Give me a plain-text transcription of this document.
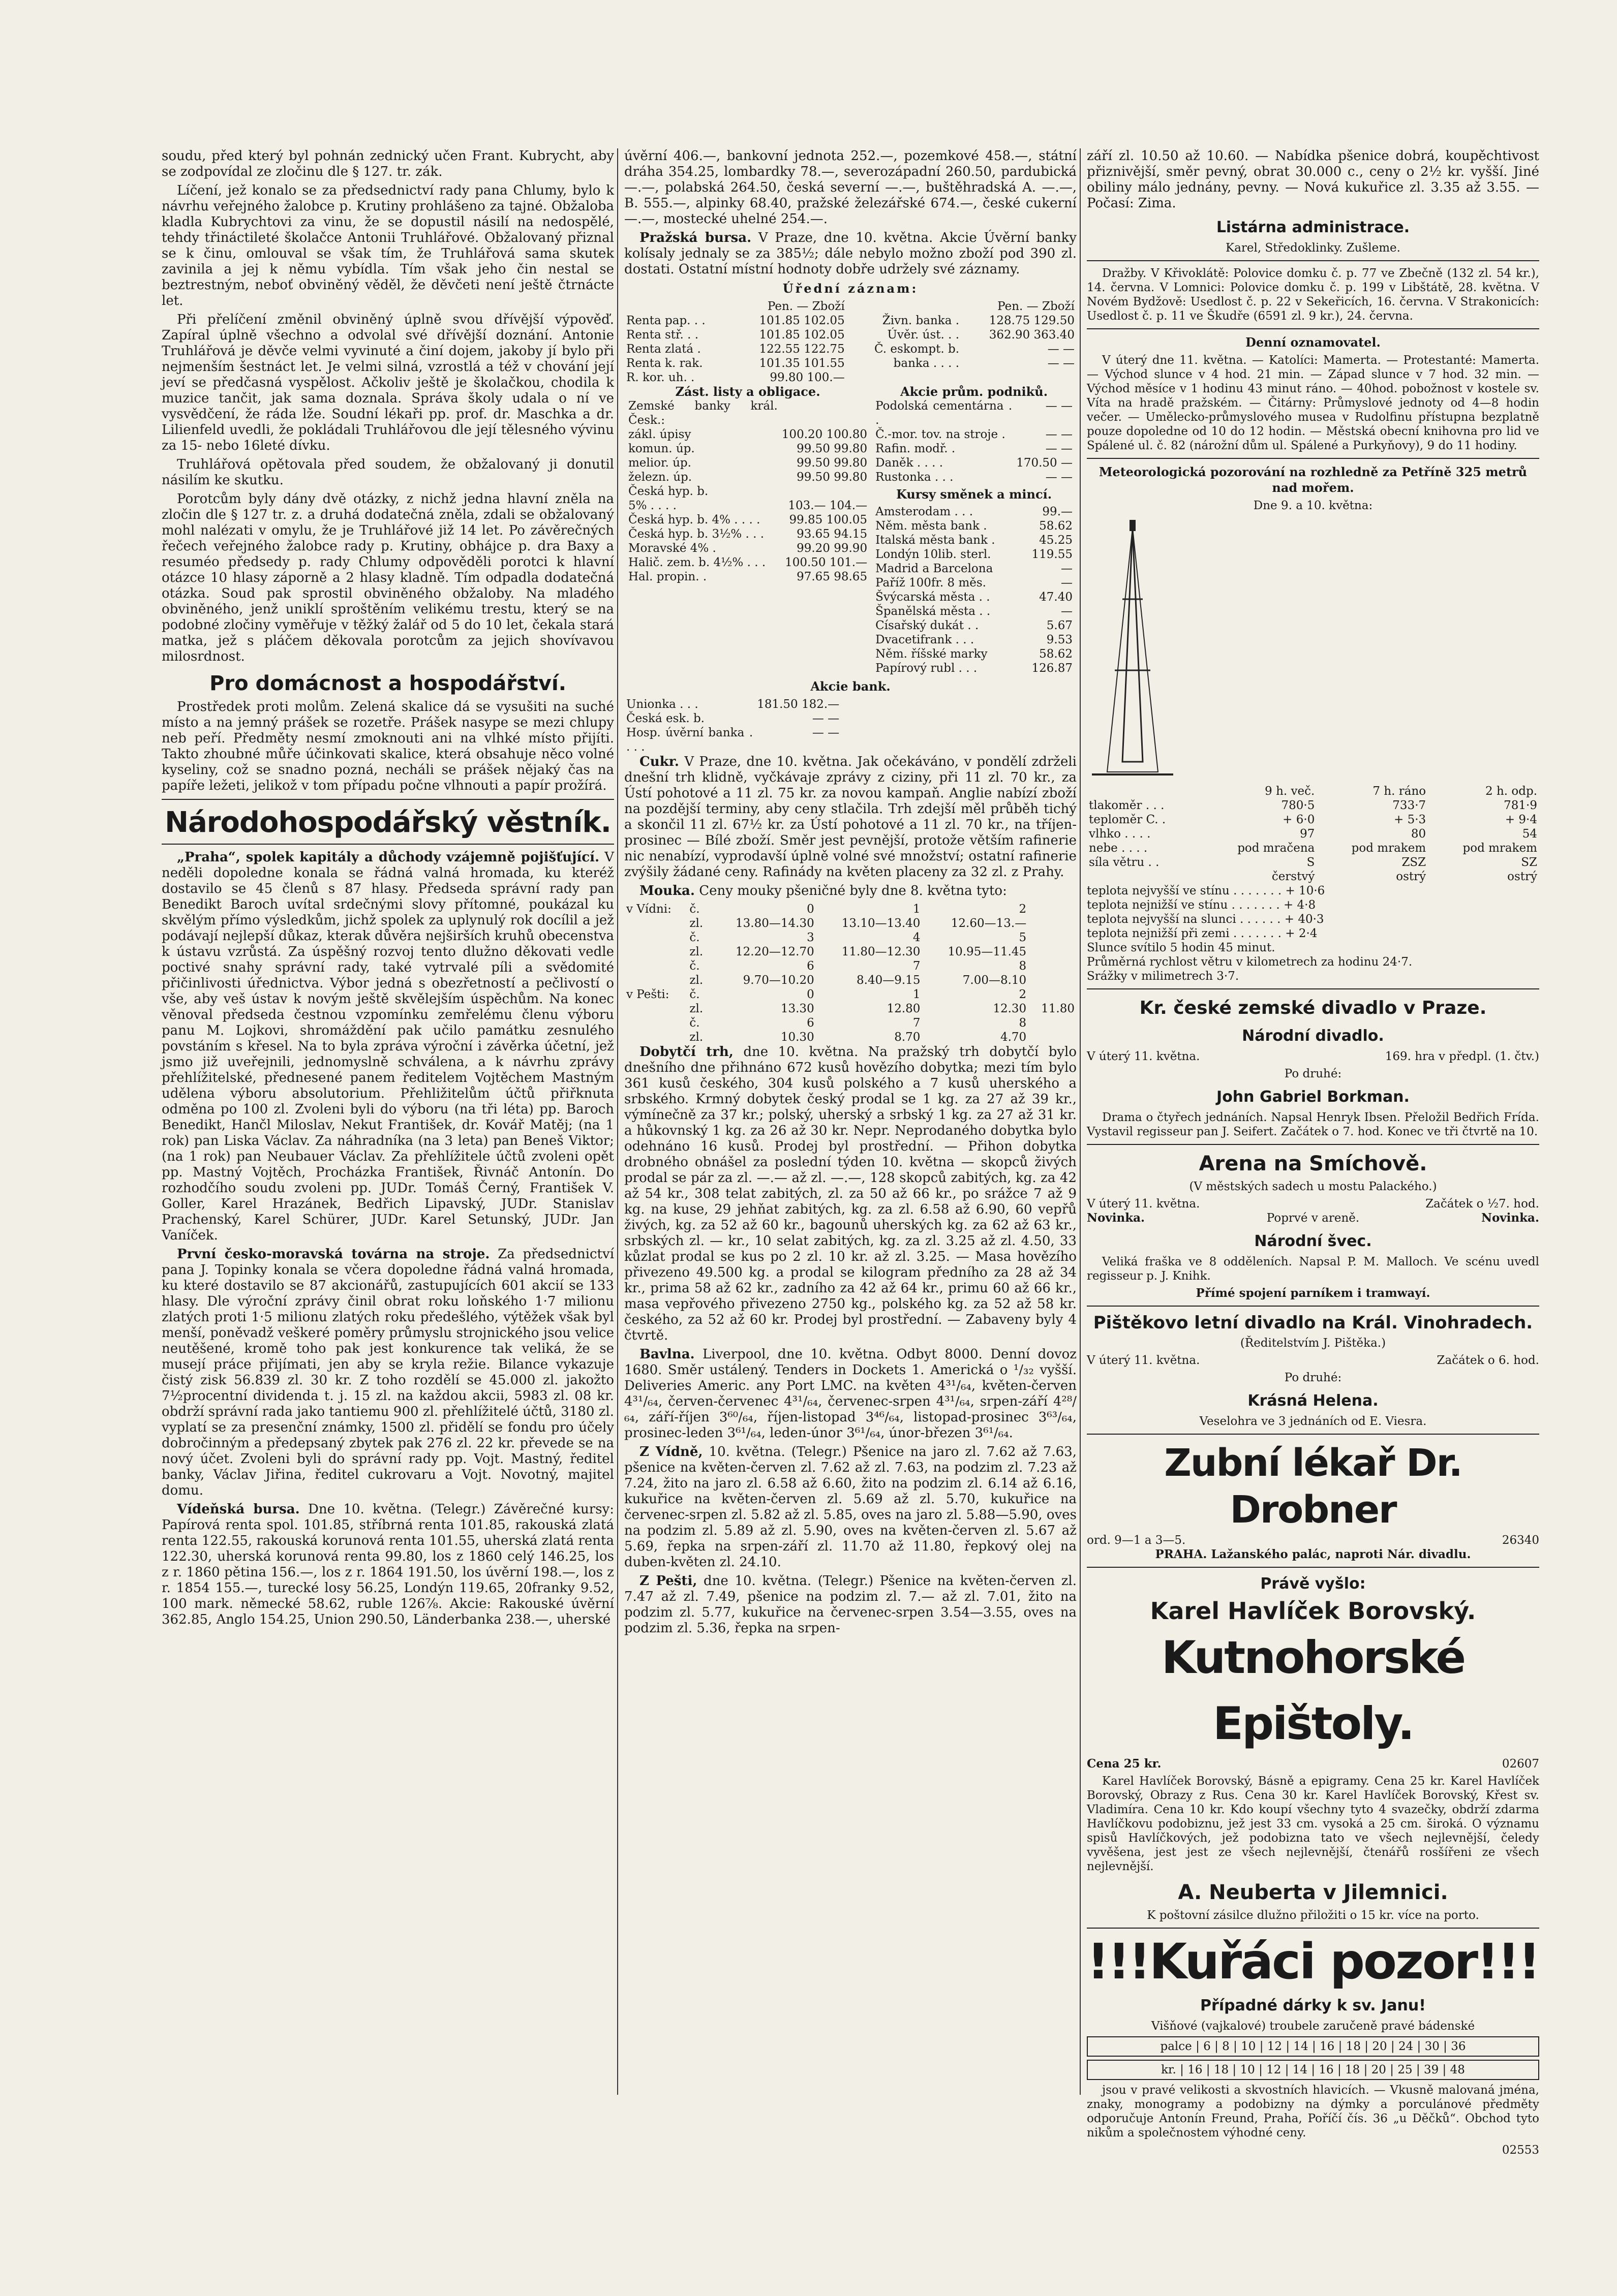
soudu, před který byl pohnán zednický učen Frant. Kubrycht, aby se zodpovídal ze zločinu dle § 127. tr. zák.

Líčení, jež konalo se za předsednictví rady pana Chlumy, bylo k návrhu veřejného žalobce p. Krutiny prohlášeno za tajné. Obžaloba kladla Kubrychtovi za vinu, že se dopustil násilí na nedospělé, tehdy třináctileté školačce Antonii Truhlářové. Obžalovaný přiznal se k činu, omlouval se však tím, že Truhlářová sama skutek zavinila a jej k němu vybídla. Tím však jeho čin nestal se beztrestným, neboť obviněný věděl, že děvčeti není ještě čtrnácte let.

Při přelíčení změnil obviněný úplně svou dřívější výpověď. Zapíral úplně všechno a odvolal své dřívější doznání. Antonie Truhlářová je děvče velmi vyvinuté a činí dojem, jakoby jí bylo při nejmenším šestnáct let. Je velmi silná, vzrostlá a též v chování její jeví se předčasná vyspělost. Ačkoliv ještě je školačkou, chodila k muzice tančit, jak sama doznala. Správa školy udala o ní ve vysvědčení, že ráda lže. Soudní lékaři pp. prof. dr. Maschka a dr. Lilienfeld uvedli, že pokládali Truhlářovou dle její tělesného vývinu za 15- nebo 16leté dívku.

Truhlářová opětovala před soudem, že obžalovaný ji donutil násilím ke skutku.

Porotcům byly dány dvě otázky, z nichž jedna hlavní zněla na zločin dle § 127 tr. z. a druhá dodatečná zněla, zdali se obžalovaný mohl nalézati v omylu, že je Truhlářové již 14 let. Po závěrečných řečech veřejného žalobce rady p. Krutiny, obhájce p. dra Baxy a resuméo předsedy p. rady Chlumy odpověděli porotci k hlavní otázce 10 hlasy záporně a 2 hlasy kladně. Tím odpadla dodatečná otázka. Soud pak sprostil obviněného obžaloby. Na mladého obviněného, jenž uniklí sproštěním velikému trestu, který se na podobné zločiny vyměřuje v těžký žalář od 5 do 10 let, čekala stará matka, jež s pláčem děkovala porotcům za jejich shovívavou milosrdnost.

Pro domácnost a hospodářství.

Prostředek proti molům. Zelená skalice dá se vysušiti na suché místo a na jemný prášek se rozetře. Prášek nasype se mezi chlupy neb peří. Předměty nesmí zmoknouti ani na vlhké místo přijíti. Takto zhoubné můře účinkovati skalice, která obsahuje něco volné kyseliny, což se snadno pozná, necháli se prášek nějaký čas na papíře ležeti, jelikož v tom případu počne vlhnouti a papír prožírá.

Národohospodářský věstník.

„Praha“, spolek kapitály a důchody vzájemně pojišťující. V neděli dopoledne konala se řádná valná hromada, ku kteréž dostavilo se 45 členů s 87 hlasy. Předseda správní rady pan Benedikt Baroch uvítal srdečnými slovy přítomné, poukázal ku skvělým přímo výsledkům, jichž spolek za uplynulý rok docílil a jež podávají nejlepší důkaz, kterak důvěra nejširších kruhů obecenstva k ústavu vzrůstá. Za úspěšný rozvoj tento dlužno děkovati vedle poctivé snahy správní rady, také vytrvalé píli a svědomité přičinlivosti úřednictva. Výbor jedná s obezřetností a pečlivostí o vše, aby veš ústav k novým ještě skvělejším úspěchům. Na konec věnoval předseda čestnou vzpomínku zemřelému členu výboru panu M. Lojkovi, shromáždění pak učilo památku zesnulého povstáním s křesel. Na to byla zpráva výroční i závěrka účetní, jež jsmo již uveřejnili, jednomyslně schválena, a k návrhu zprávy přehlížitelské, přednesené panem ředitelem Vojtěchem Mastným udělena výboru absolutorium. Přehližitelům účtů přiřknuta odměna po 100 zl. Zvoleni byli do výboru (na tři léta) pp. Baroch Benedikt, Hančl Miloslav, Nekut František, dr. Kovář Matěj; (na 1 rok) pan Liska Václav. Za náhradníka (na 3 leta) pan Beneš Viktor; (na 1 rok) pan Neubauer Václav. Za přehlížitele účtů zvoleni opět pp. Mastný Vojtěch, Procházka František, Řivnáč Antonín. Do rozhodčího soudu zvoleni pp. JUDr. Tomáš Černý, František V. Goller, Karel Hrazánek, Bedřich Lipavský, JUDr. Stanislav Prachenský, Karel Schürer, JUDr. Karel Setunský, JUDr. Jan Vaníček.

První česko-moravská továrna na stroje. Za předsednictví pana J. Topinky konala se včera dopoledne řádná valná hromada, ku které dostavilo se 87 akcionářů, zastupujících 601 akcií se 133 hlasy. Dle výroční zprávy činil obrat roku loňského 1·7 milionu zlatých proti 1·5 milionu zlatých roku předešlého, výtěžek však byl menší, poněvadž veškeré poměry průmyslu strojnického jsou velice neutěšené, kromě toho pak jest konkurence tak veliká, že se musejí práce přijímati, jen aby se kryla režie. Bilance vykazuje čistý zisk 56.839 zl. 30 kr. Z toho rozdělí se 45.000 zl. jakožto 7½procentní dividenda t. j. 15 zl. na každou akcii, 5983 zl. 08 kr. obdrží správní rada jako tantiemu 900 zl. přehlížitelé účtů, 3180 zl. vyplatí se za presenční známky, 1500 zl. přidělí se fondu pro účely dobročinným a předepsaný zbytek pak 276 zl. 22 kr. převede se na nový účet. Zvoleni byli do správní rady pp. Vojt. Mastný, ředitel banky, Václav Jiřina, ředitel cukrovaru a Vojt. Novotný, majitel domu.

Vídeňská bursa. Dne 10. května. (Telegr.) Závěrečné kursy: Papírová renta spol. 101.85, stříbrná renta 101.85, rakouská zlatá renta 122.55, rakouská korunová renta 101.55, uherská zlatá renta 122.30, uherská korunová renta 99.80, los z 1860 celý 146.25, los z r. 1860 pětina 156.—, los z r. 1864 191.50, los úvěrní 198.—, los z r. 1854 155.—, turecké losy 56.25, Londýn 119.65, 20franky 9.52, 100 mark. německé 58.62, ruble 126⅞. Akcie: Rakouské úvěrní 362.85, Anglo 154.25, Union 290.50, Länderbanka 238.—, uherské

úvěrní 406.—, bankovní jednota 252.—, pozemkové 458.—, státní dráha 354.25, lombardky 78.—, severozápadní 260.50, pardubická —.—, polabská 264.50, česká severní —.—, buštěhradská A. —.—, B. 555.—, alpinky 68.40, pražské železářské 674.—, české cukerní —.—, mostecké uhelné 254.—.

Pražská bursa. V Praze, dne 10. května. Akcie Úvěrní banky kolísaly jednaly se za 385½; dále nebylo možno zboží pod 390 zl. dostati. Ostatní místní hodnoty dobře udržely své záznamy.

Úřední záznam:
	Pen. — Zboží		Pen. — Zboží
Renta pap. . .	101.85 102.05	Živn. banka .	128.75 129.50
Renta stř. . .	101.85 102.05	Úvěr. úst. . .	362.90 363.40
Renta zlatá .	122.55 122.75	Č. eskompt. b.	— —
Renta k. rak.	101.35 101.55	banka . . . .	— —
R. kor. uh. .	99.80 100.—		
Zást. listy a obligace.	Akcie prům. podniků.

Zemské banky král. Česk.:	
zákl. úpisy	100.20 100.80
komun. úp.	99.50 99.80
melior. úp.	99.50 99.80
železn. úp.	99.50 99.80
Česká hyp. b.	
5% . . . .	103.— 104.—
Česká hyp. b. 4% . . . .	99.85 100.05
Česká hyp. b. 3½% . . .	93.65 94.15
Moravské 4% .	99.20 99.90
Halič. zem. b. 4½% . . .	100.50 101.—
Hal. propin. .	97.65 98.65

Podolská cementárna . .	— —
Č.-mor. tov. na stroje .	— —
Rafin. modř. .	— —
Daněk . . . .	170.50 —
Rustonka . . .	— —
Kursy směnek a mincí.
Amsterodam . . .	99.—
Něm. města bank .	58.62
Italská města bank .	45.25
Londýn 10lib. sterl.	119.55
Madrid a Barcelona	—
Paříž 100fr. 8 měs.	—
Švýcarská města . .	47.40
Španělská města . .	—
Císařský dukát . .	5.67
Dvacetifrank . . .	9.53
Něm. říšské marky	58.62
Papírový rubl . . .	126.87
Akcie bank.
Unionka . . .	181.50 182.—
Česká esk. b.	— —
Hosp. úvěrní banka . . . .	— —

Cukr. V Praze, dne 10. května. Jak očekáváno, v pondělí zdrželi dnešní trh klidně, vyčkávaje zprávy z ciziny, při 11 zl. 70 kr., za Ústí pohotové a 11 zl. 75 kr. za novou kampaň. Anglie nabízí zboží na pozdější terminy, aby ceny stlačila. Trh zdejší měl průběh tichý a skončil 11 zl. 67½ kr. za Ústí pohotové a 11 zl. 70 kr., na tříjen-prosinec — Bílé zboží. Směr jest pevnější, protože větším rafinerie nic nenabízí, vyprodavší úplně volné své množství; ostatní rafinerie zvýšily žádané ceny. Rafinády na květen placeny za 32 zl. z Prahy.

Mouka. Ceny mouky pšeničné byly dne 8. května tyto:

v Vídni:	č.	0	1	2	
	zl.	13.80—14.30	13.10—13.40	12.60—13.—	
	č.	3	4	5	
	zl.	12.20—12.70	11.80—12.30	10.95—11.45	
	č.	6	7	8	
	zl.	9.70—10.20	8.40—9.15	7.00—8.10	
v Pešti:	č.	0	1	2	
	zl.	13.30	12.80	12.30	11.80
	č.	6	7	8	
	zl.	10.30	8.70	4.70	

Dobytčí trh, dne 10. května. Na pražský trh dobytčí bylo dnešního dne přihnáno 672 kusů hovězího dobytka; mezi tím bylo 361 kusů českého, 304 kusů polského a 7 kusů uherského a srbského. Krmný dobytek český prodal se 1 kg. za 27 až 39 kr., výmínečně za 37 kr.; polský, uherský a srbský 1 kg. za 27 až 31 kr. a hůkovnský 1 kg. za 26 až 30 kr. Nepr. Neprodaného dobytka bylo odehnáno 16 kusů. Prodej byl prostřední. — Přihon dobytka drobného obnášel za poslední týden 10. května — skopců živých prodal se pár za zl. —.— až zl. —.—, 128 skopců zabitých, kg. za 42 až 54 kr., 308 telat zabitých, zl. za 50 až 66 kr., po srážce 7 až 9 kg. na kuse, 29 jehňat zabitých, kg. za zl. 6.58 až 6.90, 60 vepřů živých, kg. za 52 až 60 kr., bagounů uherských kg. za 62 až 63 kr., srbských zl. — kr., 10 selat zabitých, kg. za zl. 3.25 až zl. 4.50, 33 kůzlat prodal se kus po 2 zl. 10 kr. až zl. 3.25. — Masa hovězího přivezeno 49.500 kg. a prodal se kilogram předního za 28 až 34 kr., prima 58 až 62 kr., zadního za 42 až 64 kr., primu 60 až 66 kr., masa vepřového přivezeno 2750 kg., polského kg. za 52 až 58 kr. českého, za 52 až 60 kr. Prodej byl prostřední. — Zabaveny byly 4 čtvrtě.

Bavlna. Liverpool, dne 10. května. Odbyt 8000. Denní dovoz 1680. Směr ustálený. Tenders in Dockets 1. Americká o ¹/₃₂ vyšší. Deliveries Americ. any Port LMC. na květen 4³¹/₆₄, květen-červen 4³¹/₆₄, červen-červenec 4³¹/₆₄, červenec-srpen 4³¹/₆₄, srpen-září 4²⁸/₆₄, září-říjen 3⁶⁰/₆₄, říjen-listopad 3⁴⁶/₆₄, listopad-prosinec 3⁶³/₆₄, prosinec-leden 3⁶¹/₆₄, leden-únor 3⁶¹/₆₄, únor-březen 3⁶¹/₆₄.

Z Vídně, 10. května. (Telegr.) Pšenice na jaro zl. 7.62 až 7.63, pšenice na květen-červen zl. 7.62 až zl. 7.63, na podzim zl. 7.23 až 7.24, žito na jaro zl. 6.58 až 6.60, žito na podzim zl. 6.14 až 6.16, kukuřice na květen-červen zl. 5.69 až zl. 5.70, kukuřice na červenec-srpen zl. 5.82 až zl. 5.85, oves na jaro zl. 5.88—5.90, oves na podzim zl. 5.89 až zl. 5.90, oves na květen-červen zl. 5.67 až 5.69, řepka na srpen-září zl. 11.70 až 11.80, řepkový olej na duben-květen zl. 24.10.

Z Pešti, dne 10. května. (Telegr.) Pšenice na květen-červen zl. 7.47 až zl. 7.49, pšenice na podzim zl. 7.— až zl. 7.01, žito na podzim zl. 5.77, kukuřice na červenec-srpen 3.54—3.55, oves na podzim zl. 5.36, řepka na srpen-

září zl. 10.50 až 10.60. — Nabídka pšenice dobrá, koupěchtivost přiznivější, směr pevný, obrat 30.000 c., ceny o 2½ kr. vyšší. Jiné obiliny málo jednány, pevny. — Nová kukuřice zl. 3.35 až 3.55. — Počasí: Zima.

Listárna administrace.
Karel, Středoklinky. Zušleme.

Dražby. V Křivoklátě: Polovice domku č. p. 77 ve Zbečně (132 zl. 54 kr.), 14. června. V Lomnici: Polovice domku č. p. 199 v Libštátě, 28. května. V Novém Bydžově: Usedlost č. p. 22 v Sekeřicích, 16. června. V Strakonicích: Usedlost č. p. 11 ve Škudře (6591 zl. 9 kr.), 24. června.

Denní oznamovatel.

V úterý dne 11. května. — Katolíci: Mamerta. — Protestanté: Mamerta. — Východ slunce v 4 hod. 21 min. — Západ slunce v 7 hod. 32 min. — Východ měsíce v 1 hodinu 43 minut ráno. — 40hod. pobožnost v kostele sv. Víta na hradě pražském. — Čitárny: Průmyslové jednoty od 4—8 hodin večer. — Umělecko-průmyslového musea v Rudolfinu přístupna bezplatně pouze dopoledne od 10 do 12 hodin. — Městská obecní knihovna pro lid ve Spálené ul. č. 82 (nárožní dům ul. Spálené a Purkyňovy), 9 do 11 hodiny.

Meteorologická pozorování na rozhledně za Petříně 325 metrů nad mořem.
Dne 9. a 10. května:
	9 h. več.	7 h. ráno	2 h. odp.
tlakoměr . . .	780·5	733·7	781·9
teploměr C. .	+ 6·0	+ 5·3	+ 9·4
vlhko . . . .	97	80	54
nebe . . . .	pod mračena	pod mrakem	pod mrakem
síla větru . .	S	ZSZ	SZ
	čerstvý	ostrý	ostrý
teplota nejvyšší ve stínu . . . . . . . + 10·6
teplota nejnižší ve stínu . . . . . . . + 4·8
teplota nejvyšší na slunci . . . . . . + 40·3
teplota nejnižší při zemi . . . . . . . + 2·4
Slunce svítilo 5 hodin 45 minut.
Průměrná rychlost větru v kilometrech za hodinu 24·7.
Srážky v milimetrech 3·7.
Kr. české zemské divadlo v Praze.
Národní divadlo.
V úterý 11. května.	169. hra v předpl. (1. čtv.)
Po druhé:
John Gabriel Borkman.

Drama o čtyřech jednáních. Napsal Henryk Ibsen. Přeložil Bedřich Frída. Vystavil regisseur pan J. Seifert. Začátek o 7. hod. Konec ve tři čtvrtě na 10.

Arena na Smíchově.
(V městských sadech u mostu Palackého.)
V úterý 11. května.	Začátek o ½7. hod.
Novinka.	Poprvé v areně.	Novinka.
Národní švec.

Veliká fraška ve 8 odděleních. Napsal P. M. Malloch. Ve scénu uvedl regisseur p. J. Knihk.

Přímé spojení parníkem i tramwayí.
Pištěkovo letní divadlo na Král. Vinohradech.
(Ředitelstvím J. Pištěka.)
V úterý 11. května.	Začátek o 6. hod.
Po druhé:
Krásná Helena.
Veselohra ve 3 jednáních od E. Viesra.
Zubní lékař Dr. Drobner
ord. 9—1 a 3—5.	26340
PRAHA. Lažanského palác, naproti Nár. divadlu.
Právě vyšlo:
Karel Havlíček Borovský.
Kutnohorské Epištoly.
Cena 25 kr.	02607

Karel Havlíček Borovský, Básně a epigramy. Cena 25 kr. Karel Havlíček Borovský, Obrazy z Rus. Cena 30 kr. Karel Havlíček Borovský, Křest sv. Vladimíra. Cena 10 kr. Kdo koupí všechny tyto 4 svazečky, obdrží zdarma Havlíčkovu podobiznu, jež jest 33 cm. vysoká a 25 cm. široká. O významu spisů Havlíčkových, jež podobizna tato ve všech nejlevnější, čeledy vyvěšena, jest jest ze všech nejlevnější, čtenářů rosšířeni ze všech nejlevnější.

A. Neuberta v Jilemnici.
K poštovní zásilce dlužno přiložiti o 15 kr. více na porto.
!!!Kuřáci pozor!!!
Případné dárky k sv. Janu!
Višňové (vajkalové) troubele zaručeně pravé bádenské
palce | 6 | 8 | 10 | 12 | 14 | 16 | 18 | 20 | 24 | 30 | 36
kr. | 16 | 18 | 10 | 12 | 14 | 16 | 18 | 20 | 25 | 39 | 48

jsou v pravé velikosti a skvostních hlavicích. — Vkusně malovaná jména, znaky, monogramy a podobizny na dýmky a porculánové předměty odporučuje Antonín Freund, Praha, Poříčí čís. 36 „u Děčků“. Obchod tyto nikům a společnostem výhodné ceny.

02553
